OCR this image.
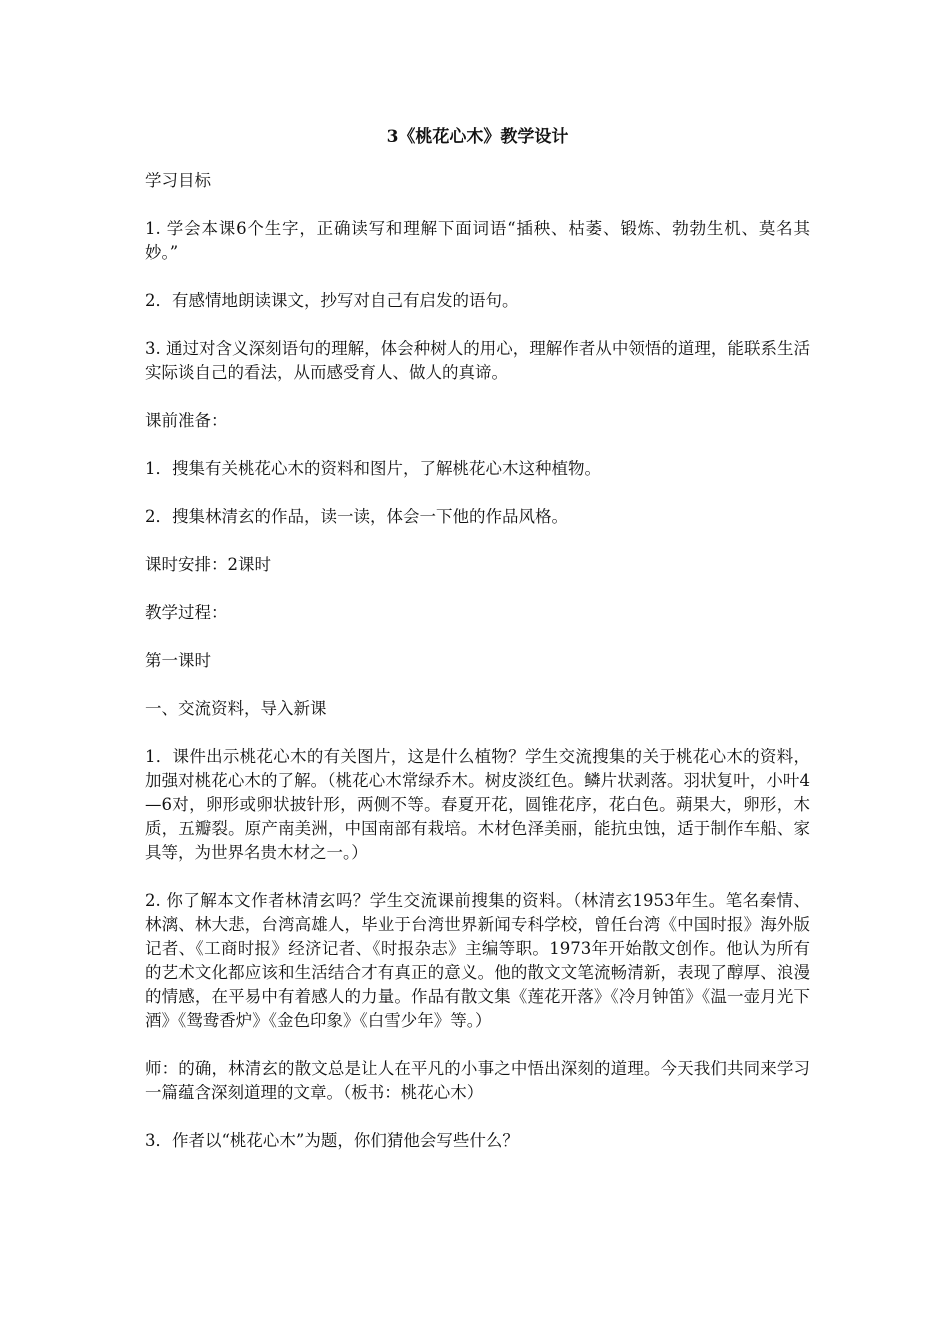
3《桃花心木》教学设计

学习目标

1. 学会本课6个生字，正确读写和理解下面词语“插秧、枯萎、锻炼、勃勃生机、莫名其妙。”

2．有感情地朗读课文，抄写对自己有启发的语句。

3. 通过对含义深刻语句的理解，体会种树人的用心，理解作者从中领悟的道理，能联系生活实际谈自己的看法，从而感受育人、做人的真谛。

课前准备：

1．搜集有关桃花心木的资料和图片，了解桃花心木这种植物。

2．搜集林清玄的作品，读一读，体会一下他的作品风格。

课时安排：2课时

教学过程：

第一课时

一、交流资料，导入新课

1．课件出示桃花心木的有关图片，这是什么植物？学生交流搜集的关于桃花心木的资料，加强对桃花心木的了解。（桃花心木常绿乔木。树皮淡红色。鳞片状剥落。羽状复叶，小叶4—6对，卵形或卵状披针形，两侧不等。春夏开花，圆锥花序，花白色。蒴果大，卵形，木质，五瓣裂。原产南美洲，中国南部有栽培。木材色泽美丽，能抗虫蚀，适于制作车船、家具等，为世界名贵木材之一。）

2. 你了解本文作者林清玄吗？学生交流课前搜集的资料。（林清玄1953年生。笔名秦情、林漓、林大悲，台湾高雄人，毕业于台湾世界新闻专科学校，曾任台湾《中国时报》海外版记者、《工商时报》经济记者、《时报杂志》主编等职。1973年开始散文创作。他认为所有的艺术文化都应该和生活结合才有真正的意义。他的散文文笔流畅清新，表现了醇厚、浪漫的情感，在平易中有着感人的力量。作品有散文集《莲花开落》《冷月钟笛》《温一壶月光下酒》《鸳鸯香炉》《金色印象》《白雪少年》等。）

师：的确，林清玄的散文总是让人在平凡的小事之中悟出深刻的道理。今天我们共同来学习一篇蕴含深刻道理的文章。（板书：桃花心木）

3．作者以“桃花心木”为题，你们猜他会写些什么？
